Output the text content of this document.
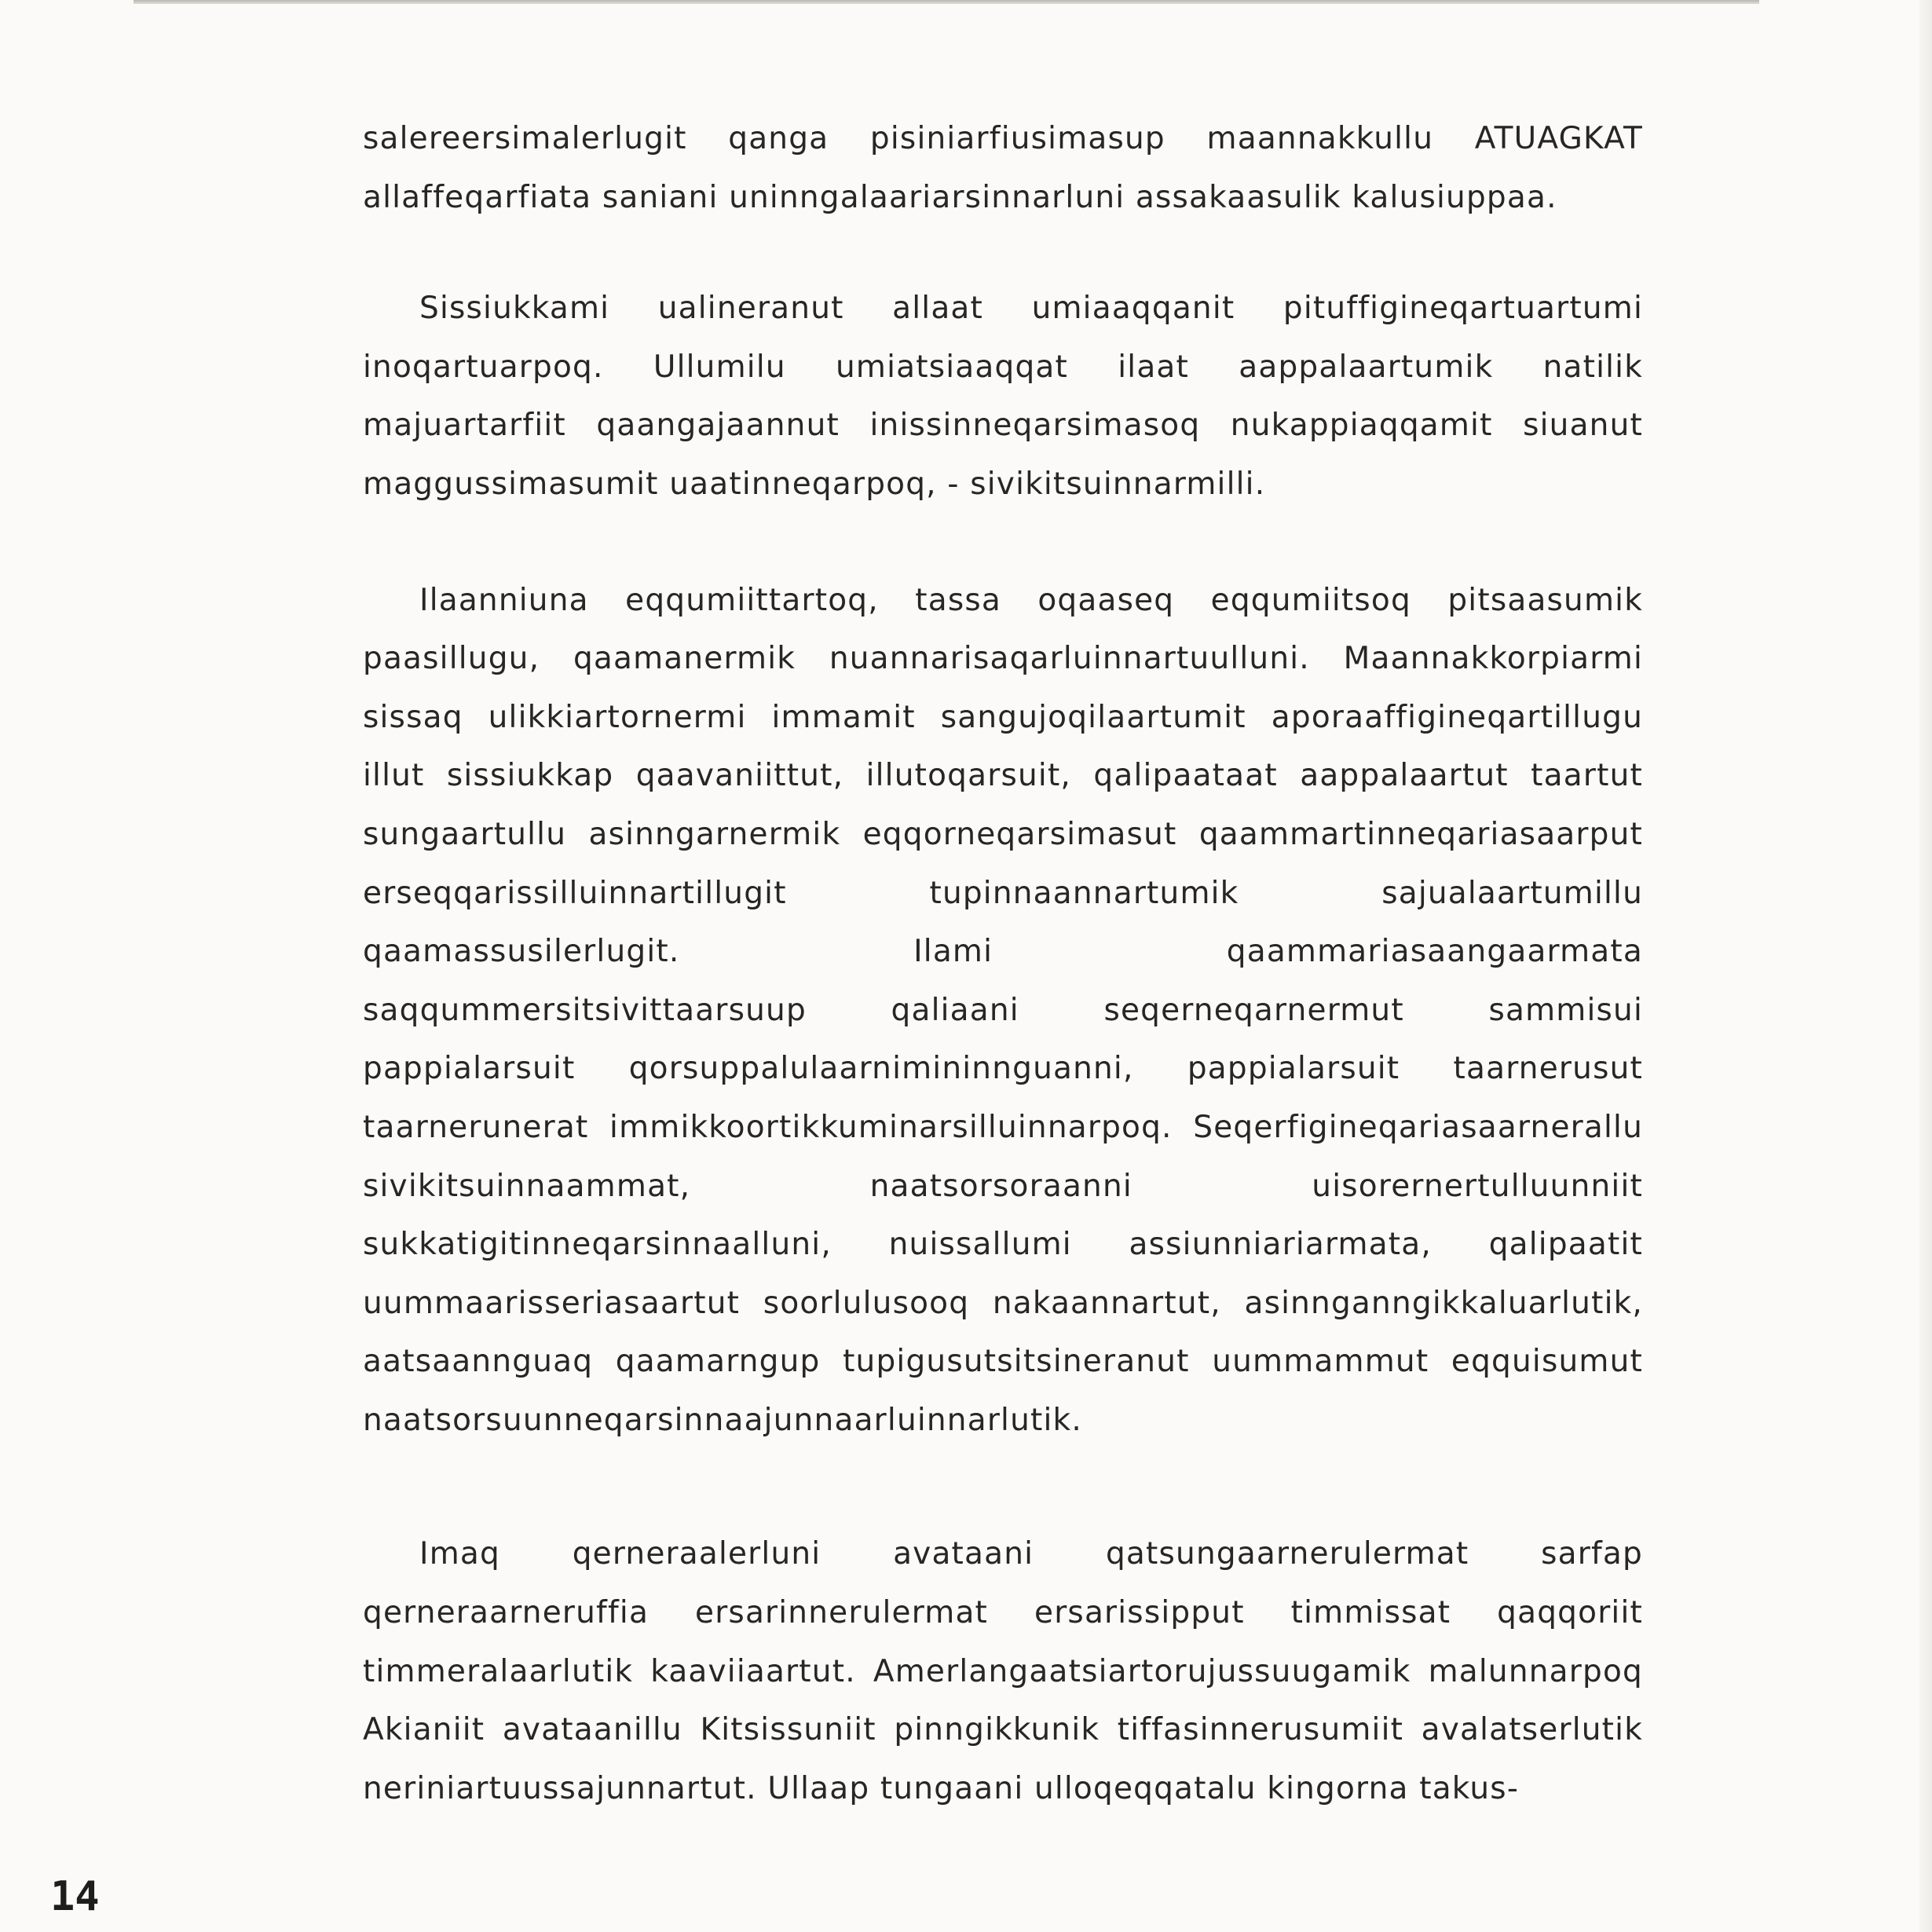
salereersimalerlugit qanga pisiniarfiusimasup maannakkullu ATUAGKAT allaffeqarfiata saniani uninngalaariarsinnarluni assakaasulik kalusiuppaa.

Sissiukkami ualineranut allaat umiaaqqanit pituffigineqartuartumi inoqartuarpoq. Ullumilu umiatsiaaqqat ilaat aappalaartumik natilik majuartarfiit qaangajaannut inissinneqarsimasoq nukappiaqqamit siuanut maggussimasumit uaatinneqarpoq, - sivikitsuinnarmilli.

Ilaanniuna eqqumiittartoq, tassa oqaaseq eqqumiitsoq pitsaasumik paasillugu, qaamanermik nuannarisaqarluinnartuulluni. Maannakkorpiarmi sissaq ulikkiartornermi immamit sangujoqilaartumit aporaaffigineqartillugu illut sissiukkap qaavaniittut, illutoqarsuit, qalipaataat aappalaartut taartut sungaartullu asinngarnermik eqqorneqarsimasut qaammartinneqariasaarput erseqqarissilluinnartillugit tupinnaannartumik sajualaartumillu qaamassusilerlugit. Ilami qaammariasaangaarmata saqqummersitsivittaarsuup qaliaani seqerneqarnermut sammisui pappialarsuit qorsuppalulaarnimininnguanni, pappialarsuit taarnerusut taarnerunerat immikkoortikkuminarsilluinnarpoq. Seqerfigineqariasaarnerallu sivikitsuinnaammat, naatsorsoraanni uisorernertulluunniit sukkatigitinneqarsinnaalluni, nuissallumi assiunniariarmata, qalipaatit uummaarisseriasaartut soorlulusooq nakaannartut, asinnganngikkaluarlutik, aatsaannguaq qaamarngup tupigusutsitsineranut uummammut eqquisumut naatsorsuunneqarsinnaajunnaarluinnarlutik.

Imaq qerneraalerluni avataani qatsungaarnerulermat sarfap qerneraarneruffia ersarinnerulermat ersarissipput timmissat qaqqoriit timmeralaarlutik kaaviiaartut. Amerlangaatsiartorujussuugamik malunnarpoq Akianiit avataanillu Kitsissuniit pinngikkunik tiffasinnerusumiit avalatserlutik neriniartuussajunnartut. Ullaap tungaani ulloqeqqatalu kingorna takus-

14
